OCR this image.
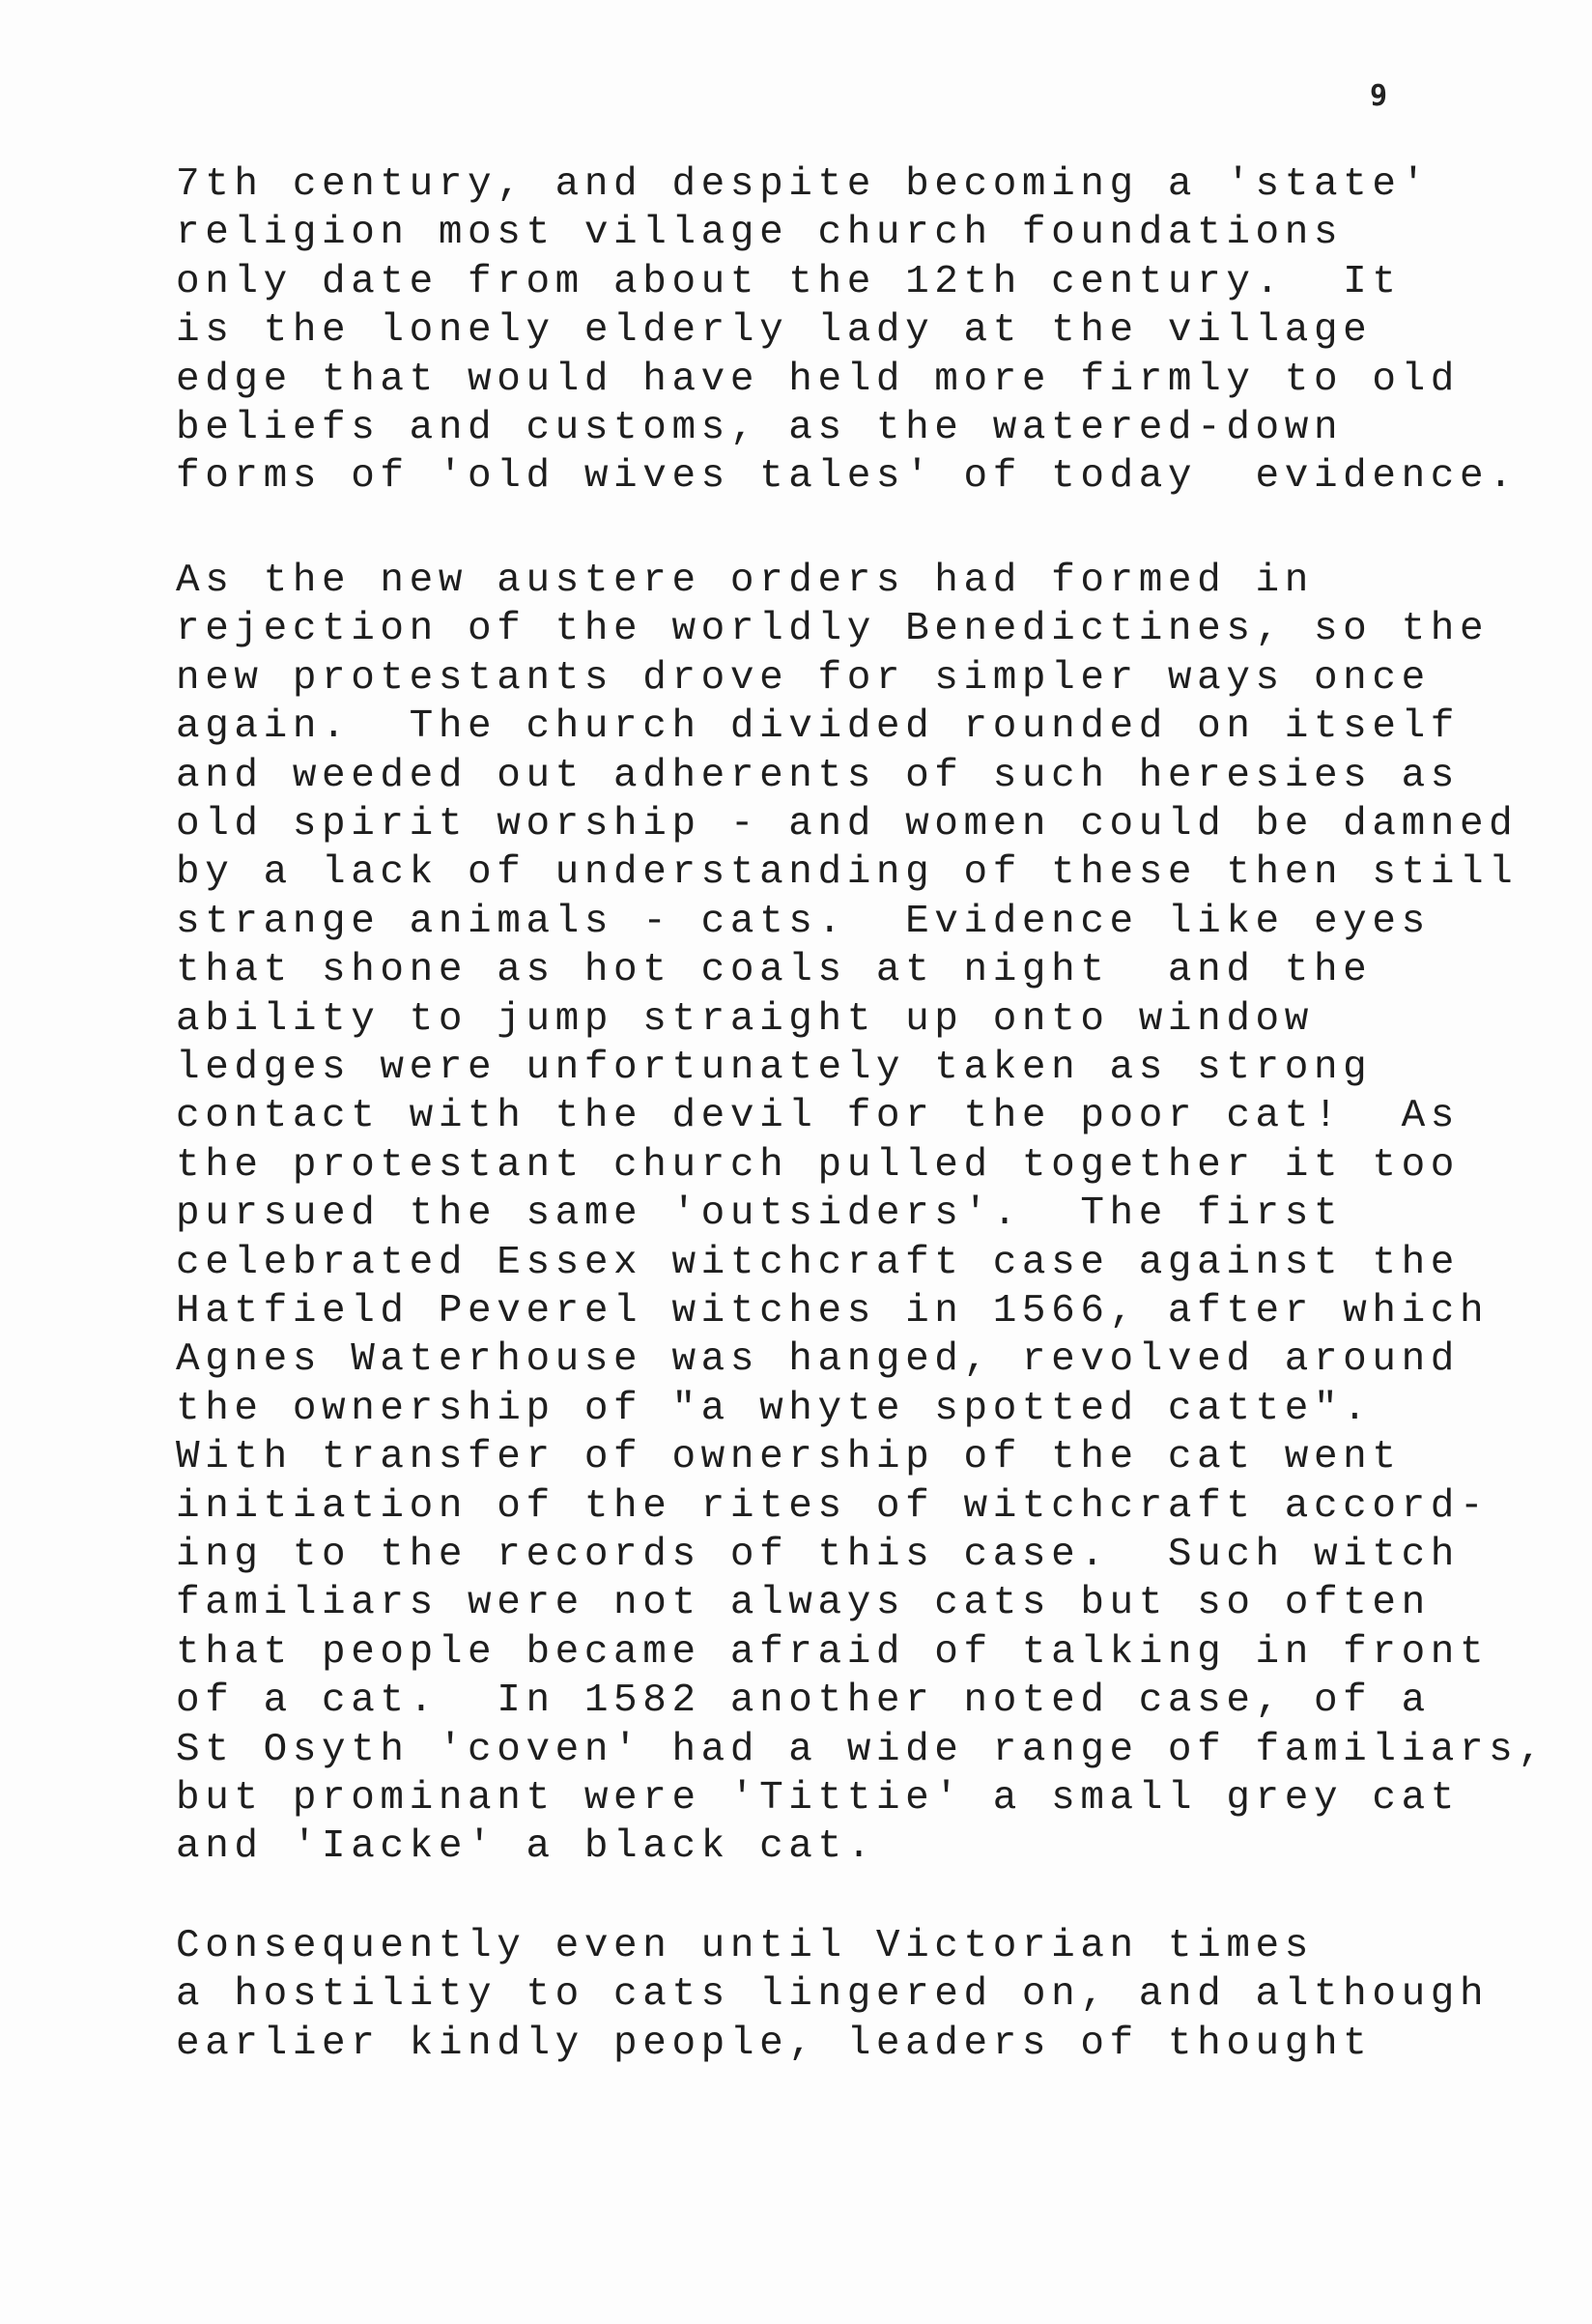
9
7th century, and despite becoming a 'state'
religion most village church foundations
only date from about the 12th century.  It
is the lonely elderly lady at the village
edge that would have held more firmly to old
beliefs and customs, as the watered-down
forms of 'old wives tales' of today  evidence.
As the new austere orders had formed in
rejection of the worldly Benedictines, so the
new protestants drove for simpler ways once
again.  The church divided rounded on itself
and weeded out adherents of such heresies as
old spirit worship - and women could be damned
by a lack of understanding of these then still
strange animals - cats.  Evidence like eyes
that shone as hot coals at night  and the
ability to jump straight up onto window
ledges were unfortunately taken as strong
contact with the devil for the poor cat!  As
the protestant church pulled together it too
pursued the same 'outsiders'.  The first
celebrated Essex witchcraft case against the
Hatfield Peverel witches in 1566, after which
Agnes Waterhouse was hanged, revolved around
the ownership of "a whyte spotted catte".
With transfer of ownership of the cat went
initiation of the rites of witchcraft accord-
ing to the records of this case.  Such witch
familiars were not always cats but so often
that people became afraid of talking in front
of a cat.  In 1582 another noted case, of a
St Osyth 'coven' had a wide range of familiars,
but prominant were 'Tittie' a small grey cat
and 'Iacke' a black cat.
Consequently even until Victorian times
a hostility to cats lingered on, and although
earlier kindly people, leaders of thought
